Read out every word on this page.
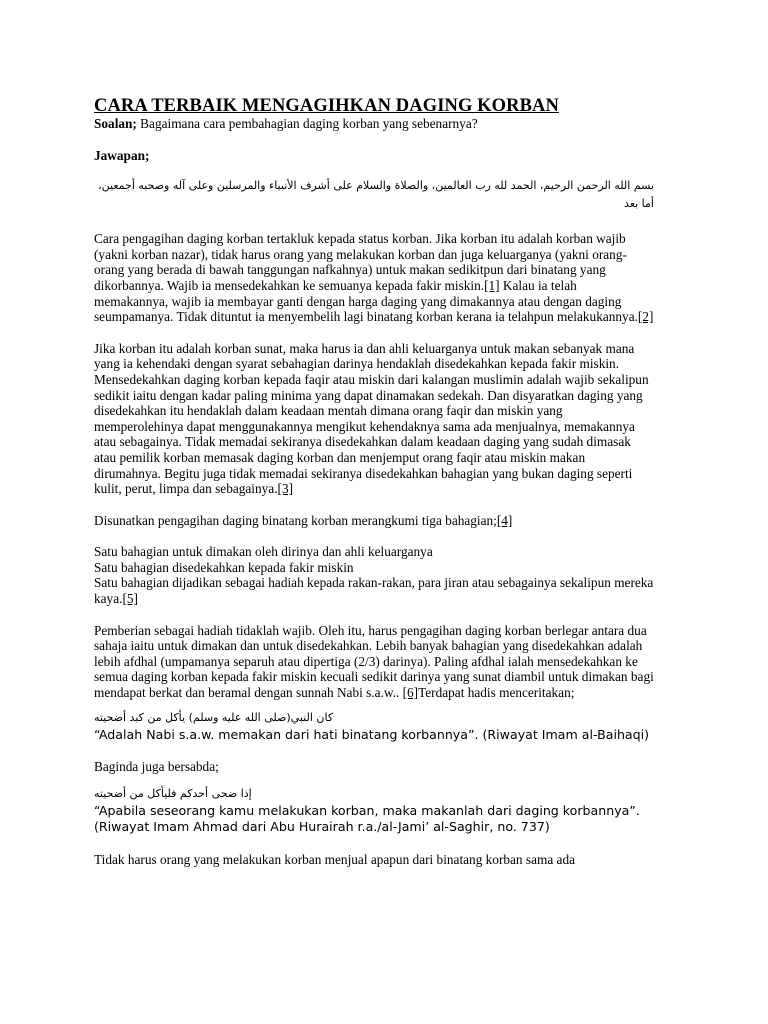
CARA TERBAIK MENGAGIHKAN DAGING KORBAN

Soalan; Bagaimana cara pembahagian daging korban yang sebenarnya?

Jawapan;

بسم الله الرحمن الرحيم، الحمد لله رب العالمين، والصلاة والسلام على أشرف الأنبياء والمرسلين وعلى آله وصحبه أجمعين، أما بعد

Cara pengagihan daging korban tertakluk kepada status korban. Jika korban itu adalah korban wajib (yakni korban nazar), tidak harus orang yang melakukan korban dan juga keluarganya (yakni orang-orang yang berada di bawah tanggungan nafkahnya) untuk makan sedikitpun dari binatang yang dikorbannya. Wajib ia mensedekahkan ke semuanya kepada fakir miskin.[1] Kalau ia telah memakannya, wajib ia membayar ganti dengan harga daging yang dimakannya atau dengan daging seumpamanya. Tidak dituntut ia menyembelih lagi binatang korban kerana ia telahpun melakukannya.[2]

Jika korban itu adalah korban sunat, maka harus ia dan ahli keluarganya untuk makan sebanyak mana yang ia kehendaki dengan syarat sebahagian darinya hendaklah disedekahkan kepada fakir miskin. Mensedekahkan daging korban kepada faqir atau miskin dari kalangan muslimin adalah wajib sekalipun sedikit iaitu dengan kadar paling minima yang dapat dinamakan sedekah. Dan disyaratkan daging yang disedekahkan itu hendaklah dalam keadaan mentah dimana orang faqir dan miskin yang memperolehinya dapat menggunakannya mengikut kehendaknya sama ada menjualnya, memakannya atau sebagainya. Tidak memadai sekiranya disedekahkan dalam keadaan daging yang sudah dimasak atau pemilik korban memasak daging korban dan menjemput orang faqir atau miskin makan dirumahnya. Begitu juga tidak memadai sekiranya disedekahkan bahagian yang bukan daging seperti kulit, perut, limpa dan sebagainya.[3]

Disunatkan pengagihan daging binatang korban merangkumi tiga bahagian;[4]

Satu bahagian untuk dimakan oleh dirinya dan ahli keluarganya

Satu bahagian disedekahkan kepada fakir miskin

Satu bahagian dijadikan sebagai hadiah kepada rakan-rakan, para jiran atau sebagainya sekalipun mereka kaya.[5]

Pemberian sebagai hadiah tidaklah wajib. Oleh itu, harus pengagihan daging korban berlegar antara dua sahaja iaitu untuk dimakan dan untuk disedekahkan. Lebih banyak bahagian yang disedekahkan adalah lebih afdhal (umpamanya separuh atau dipertiga (2/3) darinya). Paling afdhal ialah mensedekahkan ke semua daging korban kepada fakir miskin kecuali sedikit darinya yang sunat diambil untuk dimakan bagi mendapat berkat dan beramal dengan sunnah Nabi s.a.w.. [6]Terdapat hadis menceritakan;

كان النبي(صلى الله عليه وسلم) يأكل من كبد أضحيته

“Adalah Nabi s.a.w. memakan dari hati binatang korbannya”. (Riwayat Imam al-Baihaqi)

Baginda juga bersabda;

إذا ضحى أحدكم فليأكل من أضحيته

“Apabila seseorang kamu melakukan korban, maka makanlah dari daging korbannya”. (Riwayat Imam Ahmad dari Abu Hurairah r.a./al-Jami’ al-Saghir, no. 737)

Tidak harus orang yang melakukan korban menjual apapun dari binatang korban sama ada
